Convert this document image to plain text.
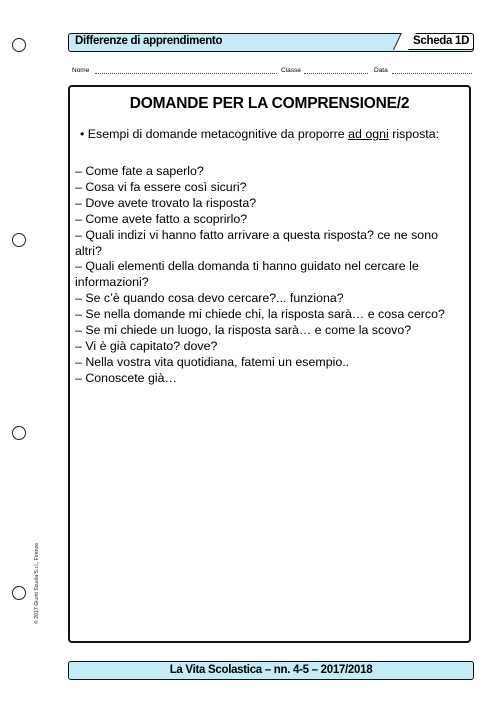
Differenze di apprendimento	Scheda 1D
Nome	Classe	Data
DOMANDE PER LA COMPRENSIONE/2
• Esempi di domande metacognitive da proporre ad ogni risposta:
– Come fate a saperlo?
– Cosa vi fa essere così sicuri?
– Dove avete trovato la risposta?
– Come avete fatto a scoprirlo?
– Quali indizi vi hanno fatto arrivare a questa risposta? ce ne sono altri?
– Quali elementi della domanda ti hanno guidato nel cercare le informazioni?
– Se c’è quando cosa devo cercare?... funziona?
– Se nella domande mi chiede chi, la risposta sarà… e cosa cerco?
– Se mi chiede un luogo, la risposta sarà… e come la scovo?
– Vi è già capitato? dove?
– Nella vostra vita quotidiana, fatemi un esempio..
– Conoscete già…
© 2017 Giunti Scuola S.r.l., Firenze
La Vita Scolastica – nn. 4-5 – 2017/2018
